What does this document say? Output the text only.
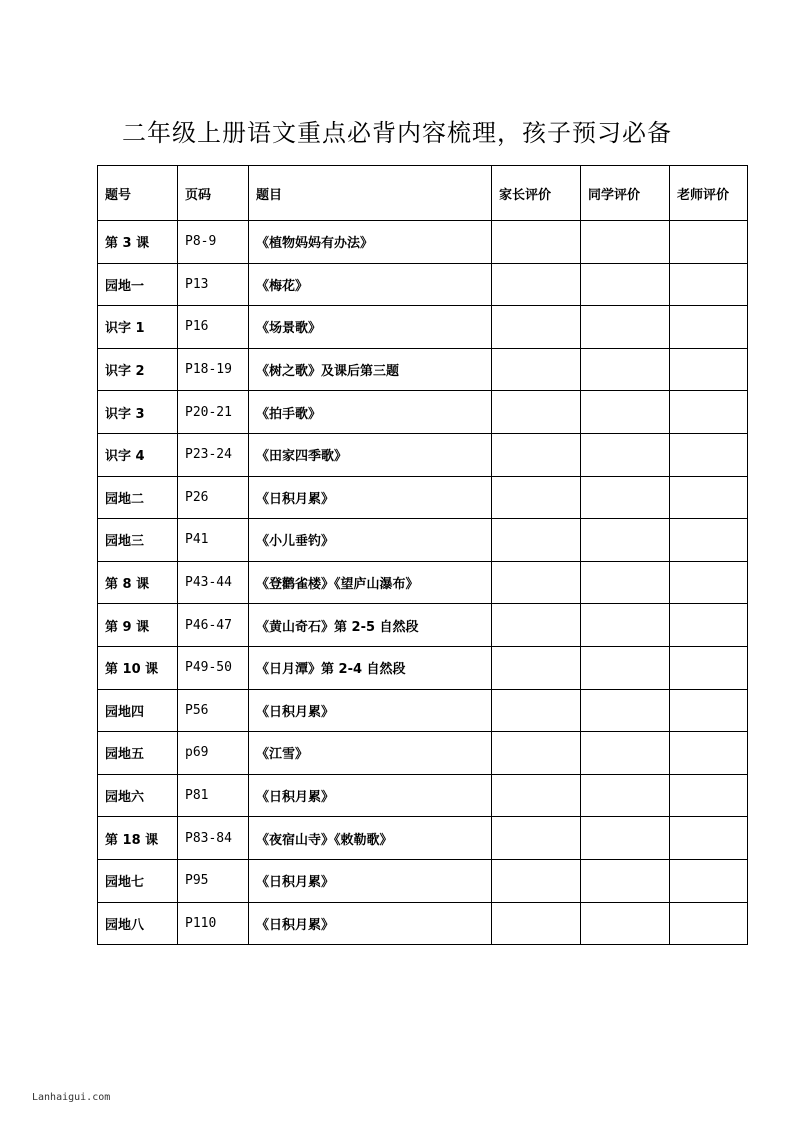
二年级上册语文重点必背内容梳理，孩子预习必备
题号	页码	题目	家长评价	同学评价	老师评价
第 3 课	P8-9	《植物妈妈有办法》			
园地一	P13	《梅花》			
识字 1	P16	《场景歌》			
识字 2	P18-19	《树之歌》及课后第三题			
识字 3	P20-21	《拍手歌》			
识字 4	P23-24	《田家四季歌》			
园地二	P26	《日积月累》			
园地三	P41	《小儿垂钓》			
第 8 课	P43-44	《登鹳雀楼》《望庐山瀑布》			
第 9 课	P46-47	《黄山奇石》第 2-5 自然段			
第 10 课	P49-50	《日月潭》第 2-4 自然段			
园地四	P56	《日积月累》			
园地五	p69	《江雪》			
园地六	P81	《日积月累》			
第 18 课	P83-84	《夜宿山寺》《敕勒歌》			
园地七	P95	《日积月累》			
园地八	P110	《日积月累》			
Lanhaigui.com
